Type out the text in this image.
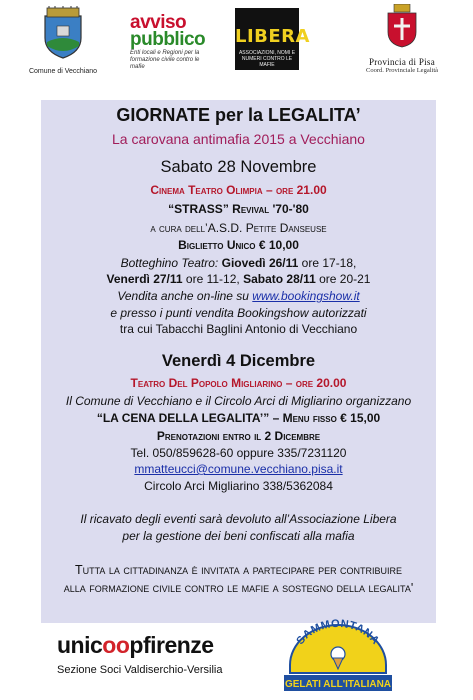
Comune di Vecchiano
avviso
pubblico
Enti locali e Regioni per la formazione civile contro le mafie
LIBERA
ASSOCIAZIONI, NOMI E NUMERI CONTRO LE MAFIE	Provincia di Pisa
Coord. Provinciale Legalità
GIORNATE per la LEGALITA’
La carovana antimafia 2015 a Vecchiano
Sabato 28 Novembre
Cinema Teatro Olimpia – ore 21.00
“STRASS” Revival '70-'80
a cura dell’A.S.D. Petite Danseuse
Biglietto Unico € 10,00
Botteghino Teatro: Giovedì 26/11 ore 17-18,
Venerdì 27/11 ore 11-12, Sabato 28/11 ore 20-21
Vendita anche on-line su www.bookingshow.it
e presso i punti vendita Bookingshow autorizzati
tra cui Tabacchi Baglini Antonio di Vecchiano
Venerdì 4 Dicembre
Teatro Del Popolo Migliarino – ore 20.00
Il Comune di Vecchiano e il Circolo Arci di Migliarino organizzano
“LA CENA DELLA LEGALITA’” – Menu fisso € 15,00
Prenotazioni entro il 2 Dicembre
Tel. 050/859628-60 oppure 335/7231120
mmatteucci@comune.vecchiano.pisa.it
Circolo Arci Migliarino 338/5362084
Il ricavato degli eventi sarà devoluto all’Associazione Libera
per la gestione dei beni confiscati alla mafia
Tutta la cittadinanza è invitata a partecipare per contribuire
alla formazione civile contro le mafie a sostegno della legalita'
unicoopfirenze
Sezione Soci Valdiserchio-Versilia
SAMMONTANA
GELATI ALL'ITALIANA
